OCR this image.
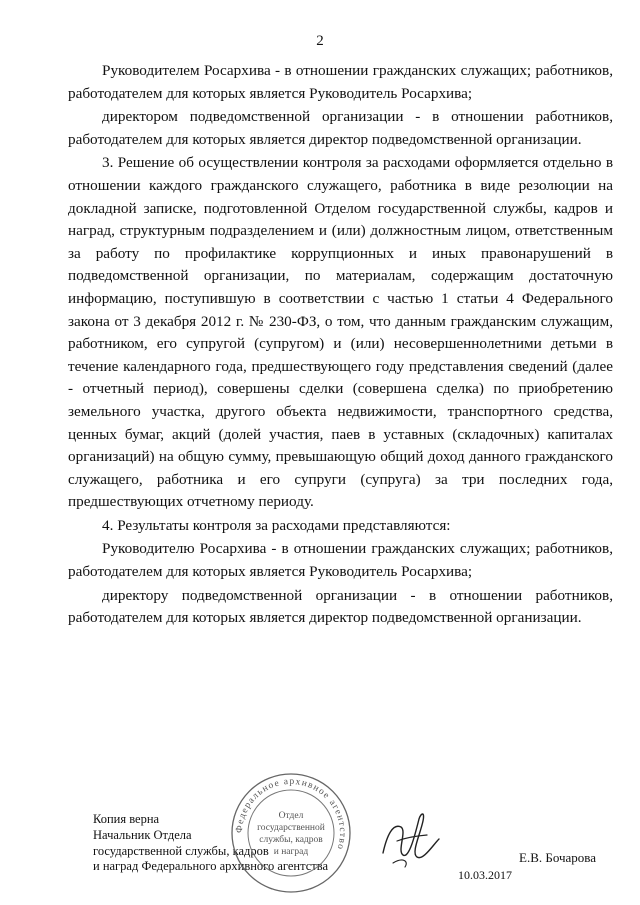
2

Руководителем Росархива - в отношении гражданских служащих; работников, работодателем для которых является Руководитель Росархива;

директором подведомственной организации - в отношении работников, работодателем для которых является директор подведомственной организации.

3. Решение об осуществлении контроля за расходами оформляется отдельно в отношении каждого гражданского служащего, работника в виде резолюции на докладной записке, подготовленной Отделом государственной службы, кадров и наград, структурным подразделением и (или) должностным лицом, ответственным за работу по профилактике коррупционных и иных правонарушений в подведомственной организации, по материалам, содержащим достаточную информацию, поступившую в соответствии с частью 1 статьи 4 Федерального закона от 3 декабря 2012 г. № 230-ФЗ, о том, что данным гражданским служащим, работником, его супругой (супругом) и (или) несовершеннолетними детьми в течение календарного года, предшествующего году представления сведений (далее - отчетный период), совершены сделки (совершена сделка) по приобретению земельного участка, другого объекта недвижимости, транспортного средства, ценных бумаг, акций (долей участия, паев в уставных (складочных) капиталах организаций) на общую сумму, превышающую общий доход данного гражданского служащего, работника и его супруги (супруга) за три последних года, предшествующих отчетному периоду.

4. Результаты контроля за расходами представляются:

Руководителю Росархива - в отношении гражданских служащих; работников, работодателем для которых является Руководитель Росархива;

директору подведомственной организации - в отношении работников, работодателем для которых является директор подведомственной организации.

Копия верна
Начальник Отдела
государственной службы, кадров
и наград Федерального архивного агентства
Федеральное архивное агентство
Отдел
государственной
службы, кадров
и наград	Е.В. Бочарова
10.03.2017
